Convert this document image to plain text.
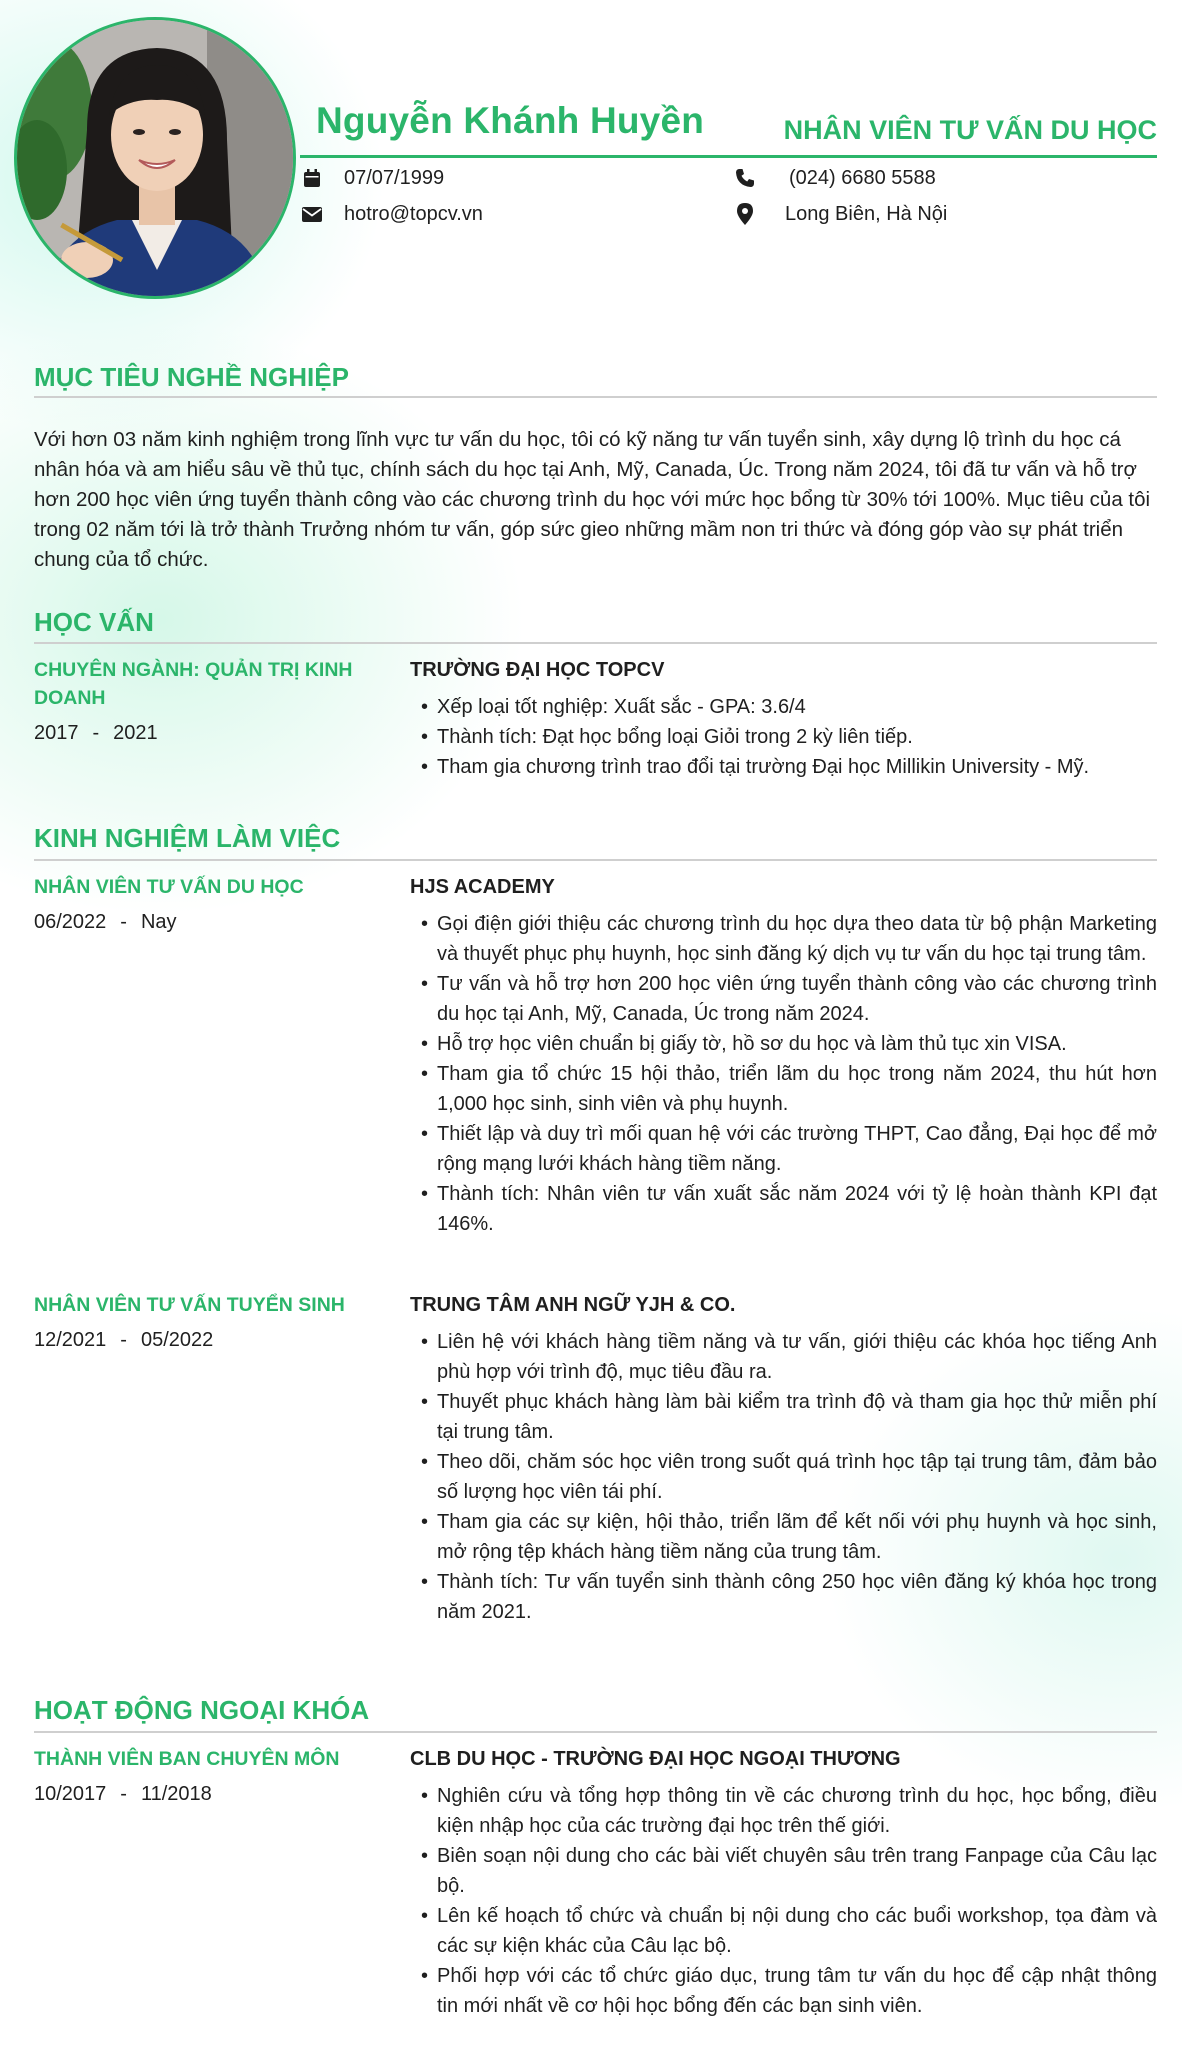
Nguyễn Khánh Huyền	NHÂN VIÊN TƯ VẤN DU HỌC
07/07/1999
hotro@topcv.vn
(024) 6680 5588
Long Biên, Hà Nội
MỤC TIÊU NGHỀ NGHIỆP
Với hơn 03 năm kinh nghiệm trong lĩnh vực tư vấn du học, tôi có kỹ năng tư vấn tuyển sinh, xây dựng lộ trình du học cá nhân hóa và am hiểu sâu về thủ tục, chính sách du học tại Anh, Mỹ, Canada, Úc. Trong năm 2024, tôi đã tư vấn và hỗ trợ hơn 200 học viên ứng tuyển thành công vào các chương trình du học với mức học bổng từ 30% tới 100%. Mục tiêu của tôi trong 02 năm tới là trở thành Trưởng nhóm tư vấn, góp sức gieo những mầm non tri thức và đóng góp vào sự phát triển chung của tổ chức.
HỌC VẤN
CHUYÊN NGÀNH: QUẢN TRỊ KINH DOANH
2017 - 2021
TRƯỜNG ĐẠI HỌC TOPCV
• Xếp loại tốt nghiệp: Xuất sắc - GPA: 3.6/4
• Thành tích: Đạt học bổng loại Giỏi trong 2 kỳ liên tiếp.
• Tham gia chương trình trao đổi tại trường Đại học Millikin University - Mỹ.
KINH NGHIỆM LÀM VIỆC
NHÂN VIÊN TƯ VẤN DU HỌC
06/2022 - Nay
HJS ACADEMY
• Gọi điện giới thiệu các chương trình du học dựa theo data từ bộ phận Marketing và thuyết phục phụ huynh, học sinh đăng ký dịch vụ tư vấn du học tại trung tâm.
• Tư vấn và hỗ trợ hơn 200 học viên ứng tuyển thành công vào các chương trình du học tại Anh, Mỹ, Canada, Úc trong năm 2024.
• Hỗ trợ học viên chuẩn bị giấy tờ, hồ sơ du học và làm thủ tục xin VISA.
• Tham gia tổ chức 15 hội thảo, triển lãm du học trong năm 2024, thu hút hơn 1,000 học sinh, sinh viên và phụ huynh.
• Thiết lập và duy trì mối quan hệ với các trường THPT, Cao đẳng, Đại học để mở rộng mạng lưới khách hàng tiềm năng.
• Thành tích: Nhân viên tư vấn xuất sắc năm 2024 với tỷ lệ hoàn thành KPI đạt 146%.
NHÂN VIÊN TƯ VẤN TUYỂN SINH
12/2021 - 05/2022
TRUNG TÂM ANH NGỮ YJH & CO.
• Liên hệ với khách hàng tiềm năng và tư vấn, giới thiệu các khóa học tiếng Anh phù hợp với trình độ, mục tiêu đầu ra.
• Thuyết phục khách hàng làm bài kiểm tra trình độ và tham gia học thử miễn phí tại trung tâm.
• Theo dõi, chăm sóc học viên trong suốt quá trình học tập tại trung tâm, đảm bảo số lượng học viên tái phí.
• Tham gia các sự kiện, hội thảo, triển lãm để kết nối với phụ huynh và học sinh, mở rộng tệp khách hàng tiềm năng của trung tâm.
• Thành tích: Tư vấn tuyển sinh thành công 250 học viên đăng ký khóa học trong năm 2021.
HOẠT ĐỘNG NGOẠI KHÓA
THÀNH VIÊN BAN CHUYÊN MÔN
10/2017 - 11/2018
CLB DU HỌC - TRƯỜNG ĐẠI HỌC NGOẠI THƯƠNG
• Nghiên cứu và tổng hợp thông tin về các chương trình du học, học bổng, điều kiện nhập học của các trường đại học trên thế giới.
• Biên soạn nội dung cho các bài viết chuyên sâu trên trang Fanpage của Câu lạc bộ.
• Lên kế hoạch tổ chức và chuẩn bị nội dung cho các buổi workshop, tọa đàm và các sự kiện khác của Câu lạc bộ.
• Phối hợp với các tổ chức giáo dục, trung tâm tư vấn du học để cập nhật thông tin mới nhất về cơ hội học bổng đến các bạn sinh viên.
